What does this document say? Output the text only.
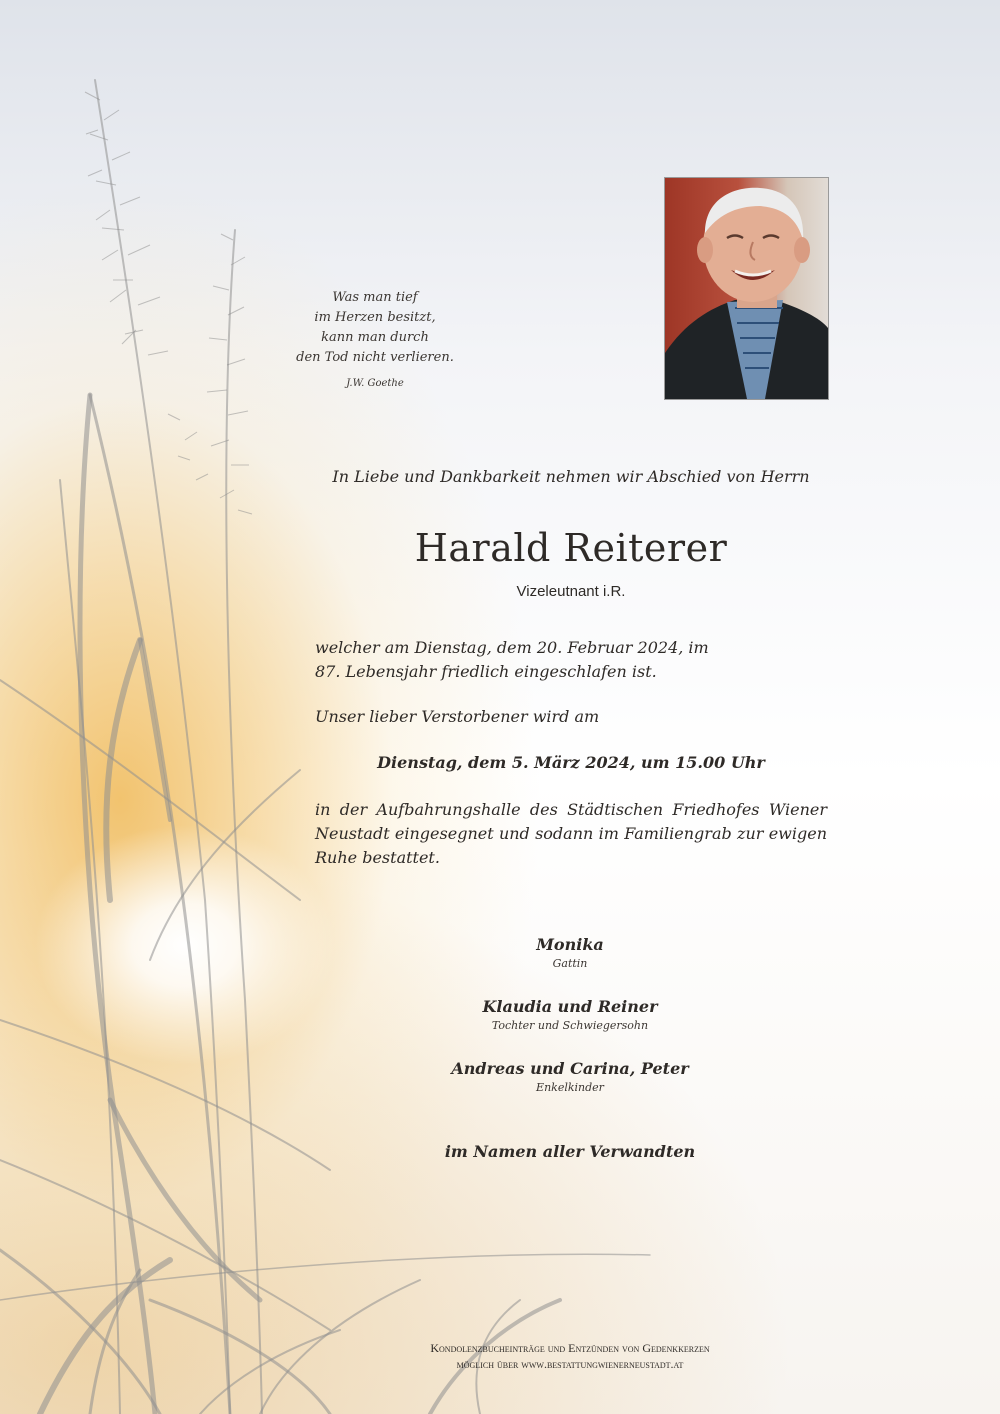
Was man tief
im Herzen besitzt,
kann man durch
den Tod nicht verlieren.
J.W. Goethe
In Liebe und Dankbarkeit nehmen wir Abschied von Herrn
Harald Reiterer
Vizeleutnant i.R.
welcher am Dienstag, dem 20. Februar 2024, im
87. Lebensjahr friedlich eingeschlafen ist.
Unser lieber Verstorbener wird am
Dienstag, dem 5. März 2024, um 15.00 Uhr
in der Aufbahrungshalle des Städtischen Friedhofes Wiener Neustadt eingesegnet und sodann im Familiengrab zur ewigen Ruhe bestattet.
Monika
Gattin
Klaudia und Reiner
Tochter und Schwiegersohn
Andreas und Carina, Peter
Enkelkinder
im Namen aller Verwandten
Kondolenzbucheinträge und Entzünden von Gedenkkerzen
möglich über www.bestattungwienerneustadt.at
